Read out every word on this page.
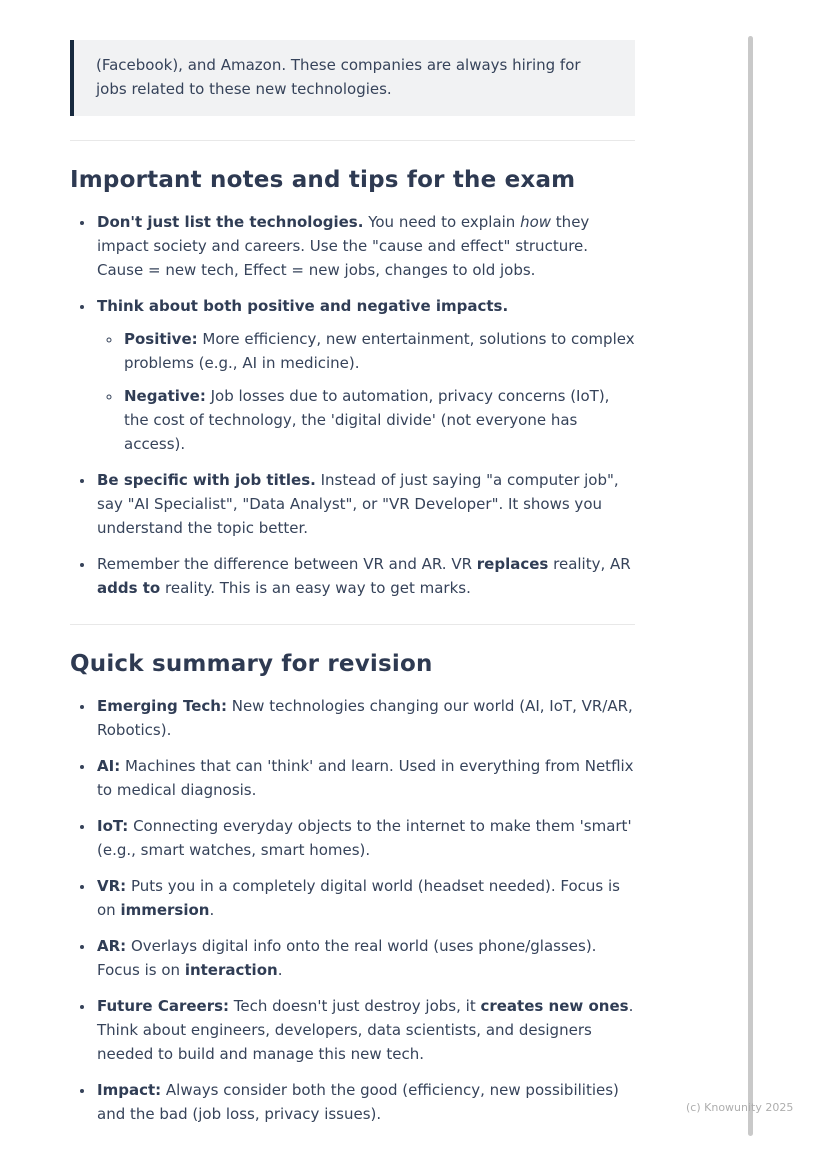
(Facebook), and Amazon. These companies are always hiring for jobs related to these new technologies.

Important notes and tips for the exam
• Don't just list the technologies. You need to explain how they impact society and careers. Use the "cause and effect" structure. Cause = new tech, Effect = new jobs, changes to old jobs.
• Think about both positive and negative impacts.
◦ Positive: More efficiency, new entertainment, solutions to complex problems (e.g., AI in medicine).
◦ Negative: Job losses due to automation, privacy concerns (IoT), the cost of technology, the 'digital divide' (not everyone has access).
• Be specific with job titles. Instead of just saying "a computer job", say "AI Specialist", "Data Analyst", or "VR Developer". It shows you understand the topic better.
• Remember the difference between VR and AR. VR replaces reality, AR adds to reality. This is an easy way to get marks.
Quick summary for revision
• Emerging Tech: New technologies changing our world (AI, IoT, VR/AR, Robotics).
• AI: Machines that can 'think' and learn. Used in everything from Netflix to medical diagnosis.
• IoT: Connecting everyday objects to the internet to make them 'smart' (e.g., smart watches, smart homes).
• VR: Puts you in a completely digital world (headset needed). Focus is on immersion.
• AR: Overlays digital info onto the real world (uses phone/glasses). Focus is on interaction.
• Future Careers: Tech doesn't just destroy jobs, it creates new ones. Think about engineers, developers, data scientists, and designers needed to build and manage this new tech.
• Impact: Always consider both the good (efficiency, new possibilities) and the bad (job loss, privacy issues).	(c) Knowunity 2025
